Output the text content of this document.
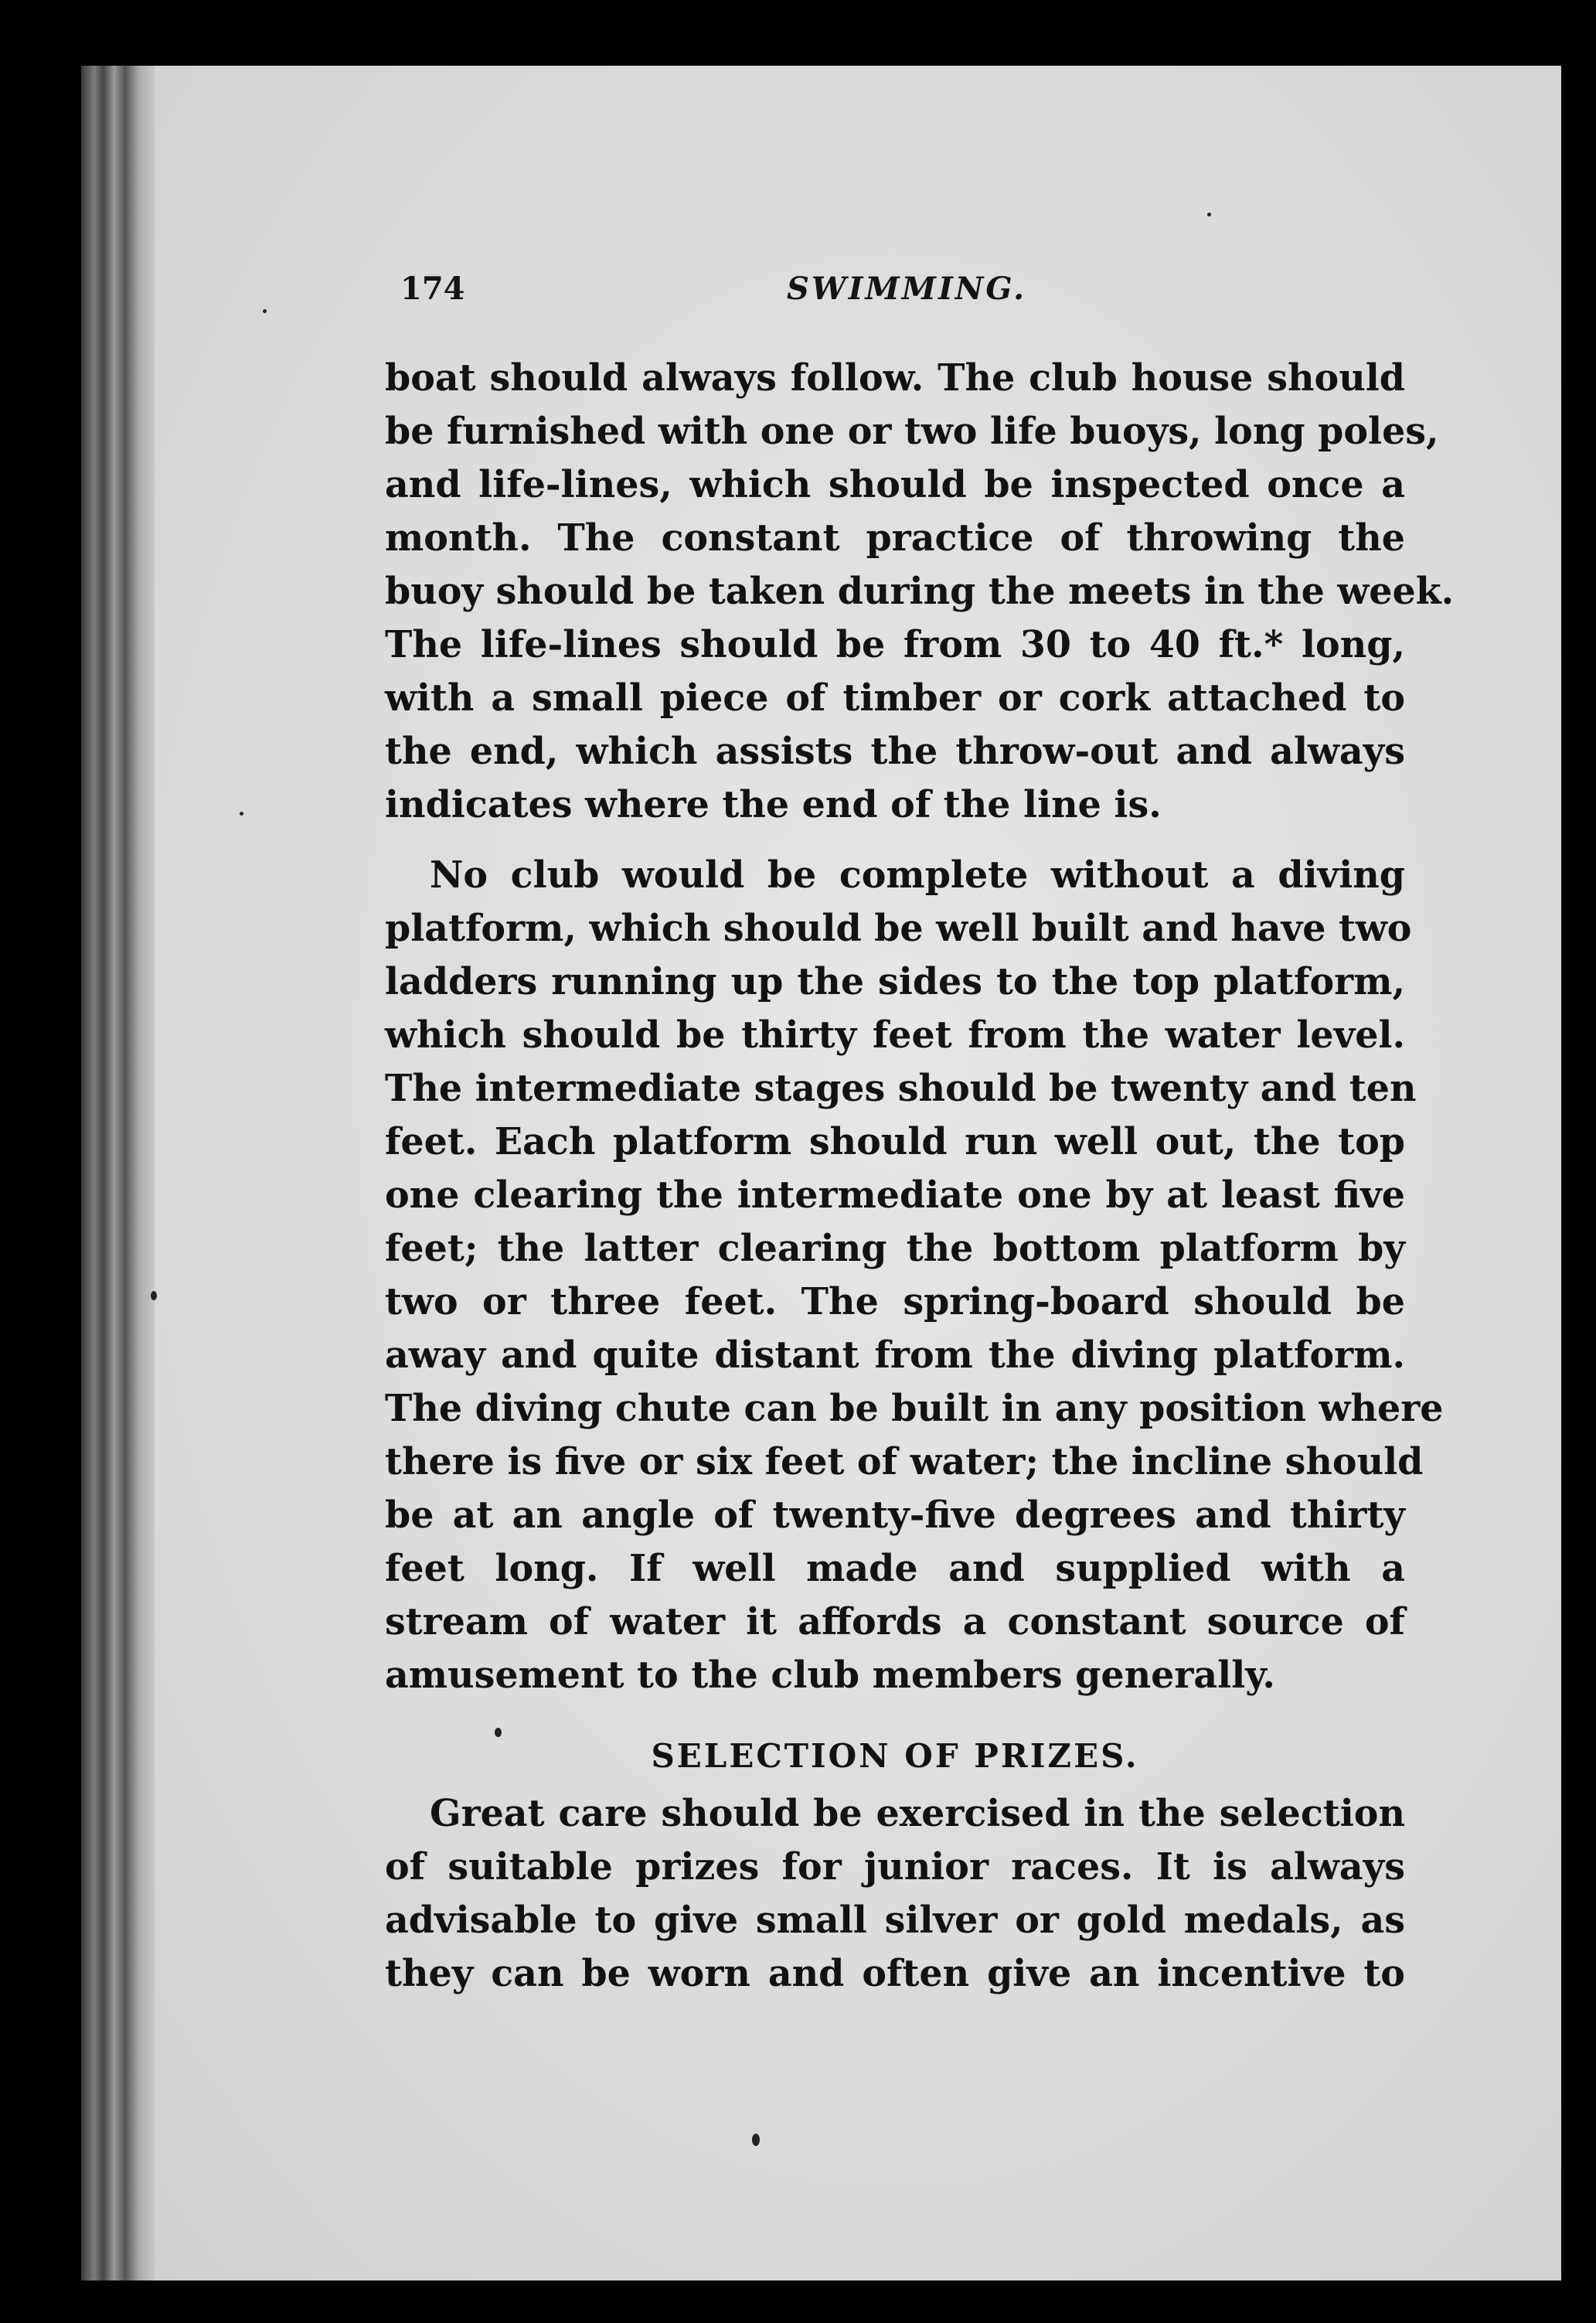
174	SWIMMING.
boat should always follow. The club house should
be furnished with one or two life buoys, long poles,
and life-lines, which should be inspected once a
month. The constant practice of throwing the
buoy should be taken during the meets in the week.
The life-lines should be from 30 to 40 ft.* long,
with a small piece of timber or cork attached to
the end, which assists the throw-out and always
indicates where the end of the line is.
No club would be complete without a diving
platform, which should be well built and have two
ladders running up the sides to the top platform,
which should be thirty feet from the water level.
The intermediate stages should be twenty and ten
feet. Each platform should run well out, the top
one clearing the intermediate one by at least five
feet; the latter clearing the bottom platform by
two or three feet. The spring-board should be
away and quite distant from the diving platform.
The diving chute can be built in any position where
there is five or six feet of water; the incline should
be at an angle of twenty-five degrees and thirty
feet long. If well made and supplied with a
stream of water it affords a constant source of
amusement to the club members generally.
SELECTION OF PRIZES.
Great care should be exercised in the selection
of suitable prizes for junior races. It is always
advisable to give small silver or gold medals, as
they can be worn and often give an incentive to
